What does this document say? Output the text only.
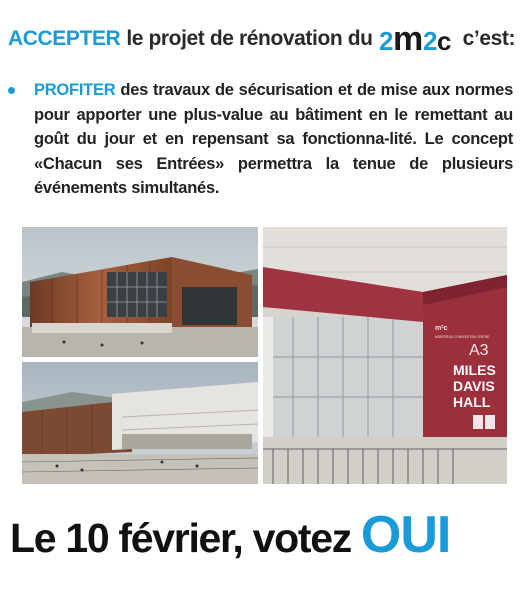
ACCEPTER le projet de rénovation du 2 m 2 c c’est:
PROFITER des travaux de sécurisation et de mise aux normes pour apporter une plus-value au bâtiment en le remettant au goût du jour et en repensant sa fonctionna-lité. Le concept «Chacun ses Entrées» permettra la tenue de plusieurs événements simultanés.
m²c
MONTREUX CONVENTION CENTRE
A3
MILES
DAVIS
HALL
Le 10 février, votez OUI
